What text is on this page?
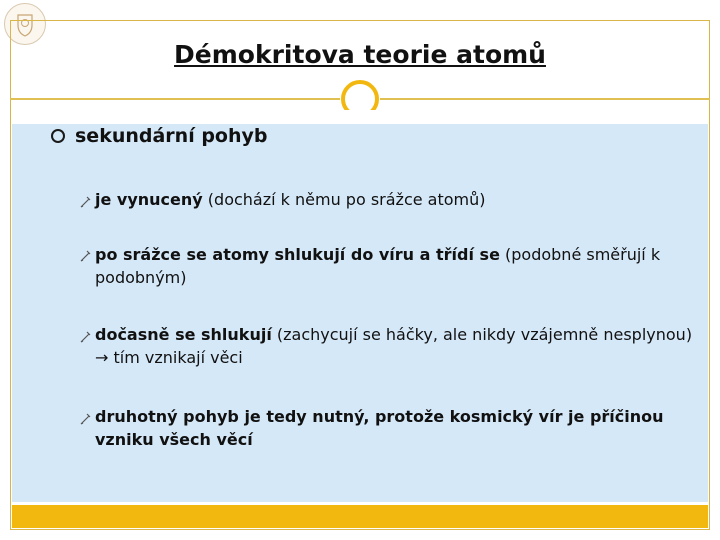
Démokritova teorie atomů
sekundární pohyb
je vynucený (dochází k němu po srážce atomů)
po srážce se atomy shlukují do víru a třídí se (podobné směřují k podobným)
dočasně se shlukují (zachycují se háčky, ale nikdy vzájemně nesplynou) → tím vznikají věci
druhotný pohyb je tedy nutný, protože kosmický vír je příčinou vzniku všech věcí
